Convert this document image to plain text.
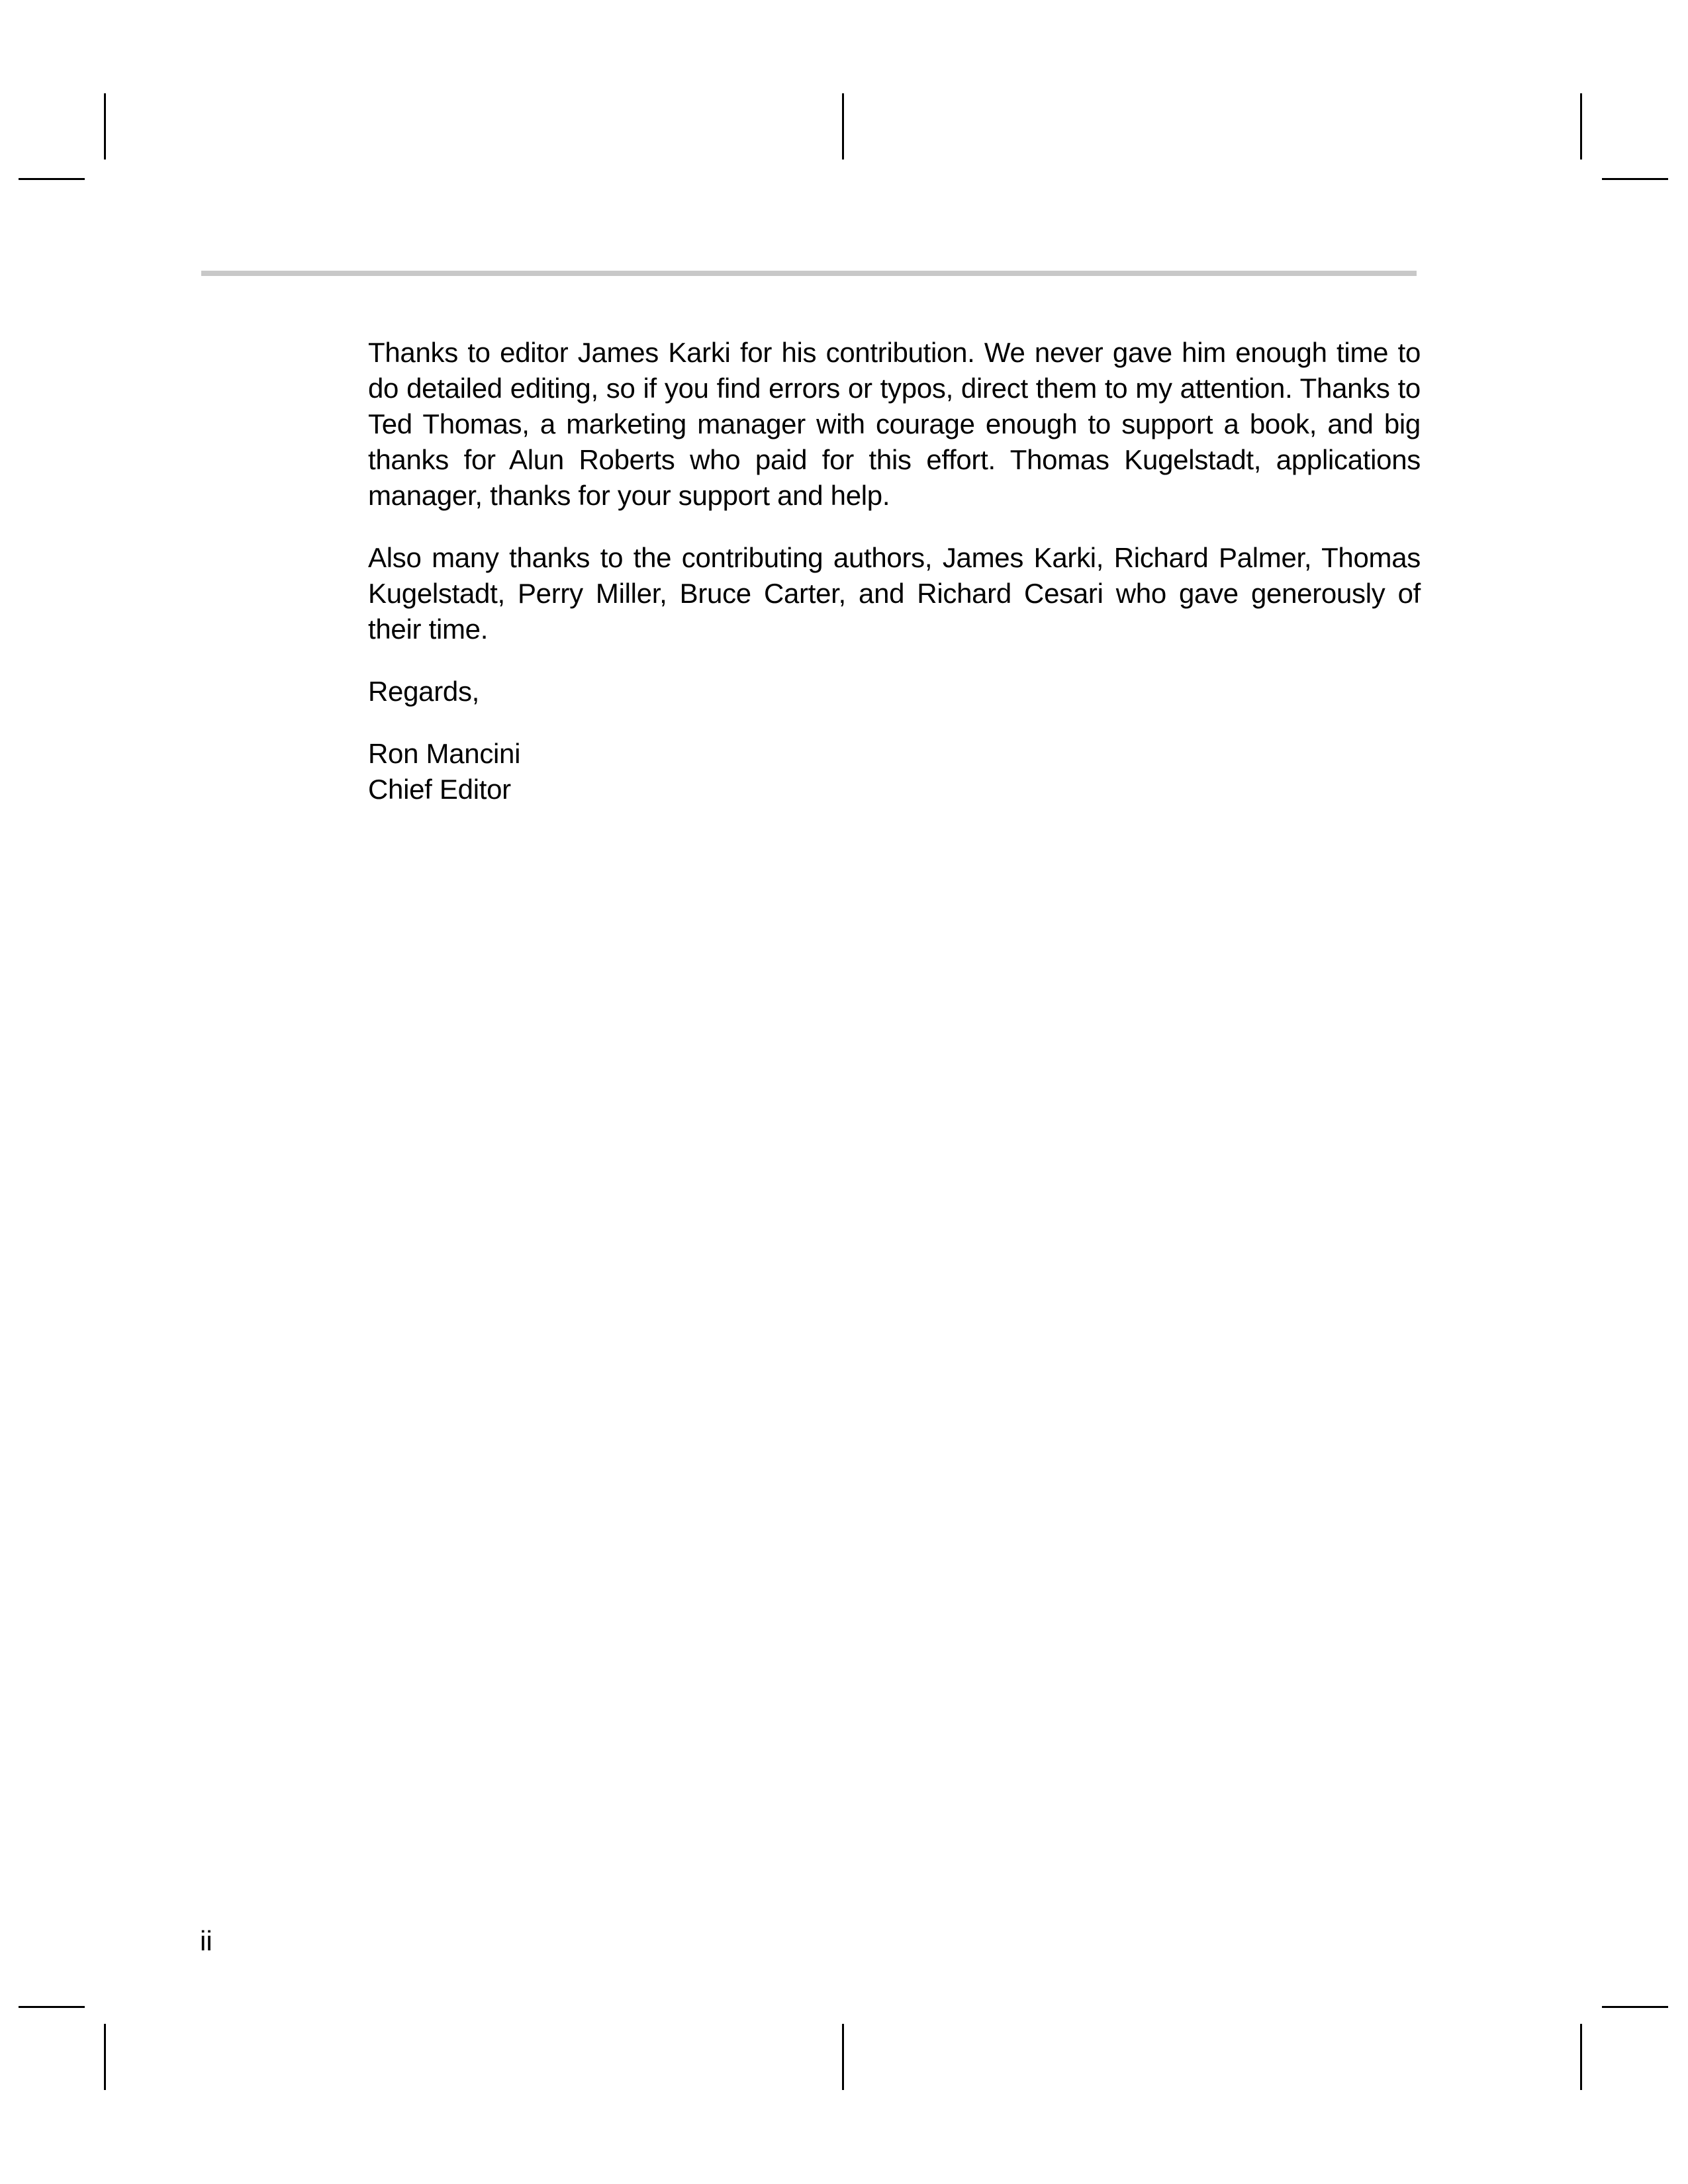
Thanks to editor James Karki for his contribution. We never gave him enough time to do detailed editing, so if you find errors or typos, direct them to my attention. Thanks to Ted Thomas, a marketing manager with courage enough to support a book, and big thanks for Alun Roberts who paid for this effort. Thomas Kugelstadt, applications manager, thanks for your support and help.

Also many thanks to the contributing authors, James Karki, Richard Palmer, Thomas Kugelstadt, Perry Miller, Bruce Carter, and Richard Cesari who gave generously of their time.

Regards,

Ron Mancini
Chief Editor
ii
